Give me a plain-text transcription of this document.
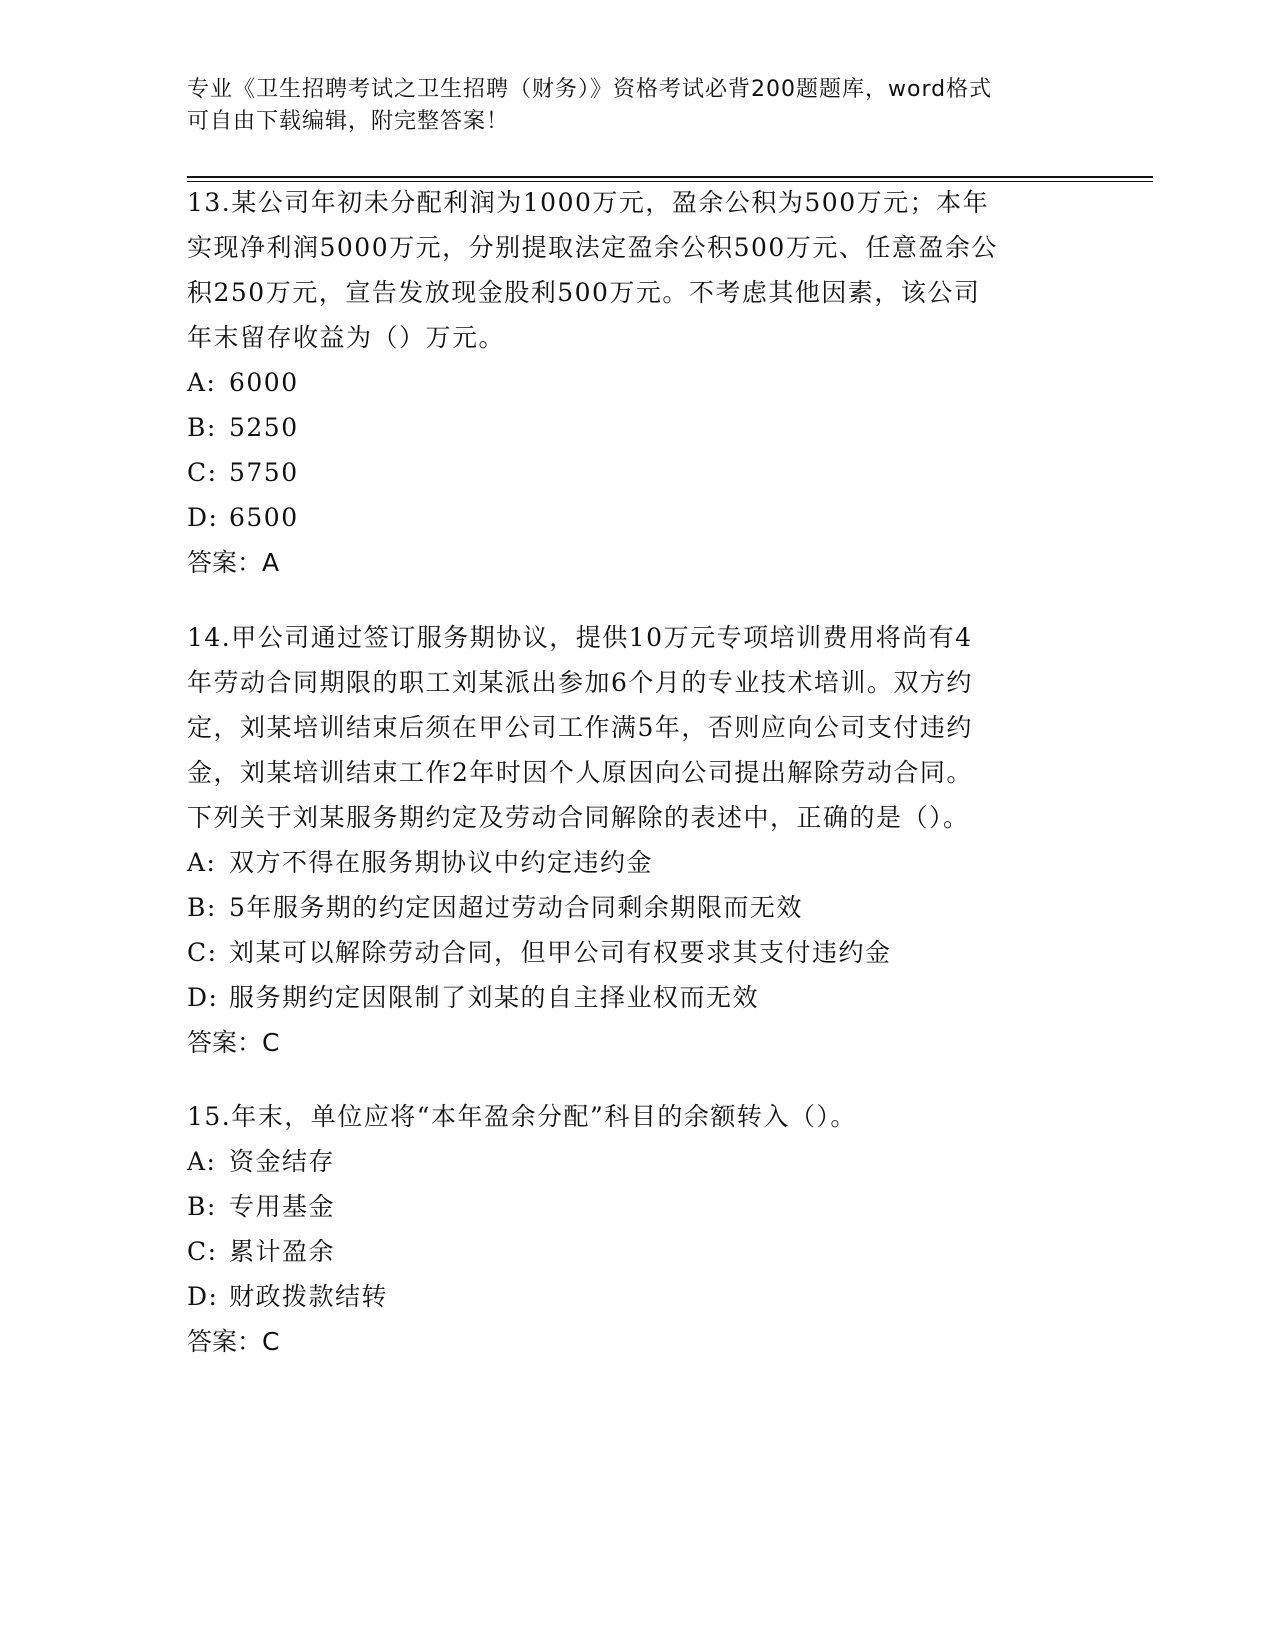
专业《卫生招聘考试之卫生招聘（财务）》资格考试必背200题题库，word格式
可自由下载编辑，附完整答案！
13.某公司年初未分配利润为1000万元，盈余公积为500万元；本年
实现净利润5000万元，分别提取法定盈余公积500万元、任意盈余公
积250万元，宣告发放现金股利500万元。不考虑其他因素，该公司
年末留存收益为（）万元。
A: 6000
B: 5250
C: 5750
D: 6500
答案：A
14.甲公司通过签订服务期协议，提供10万元专项培训费用将尚有4
年劳动合同期限的职工刘某派出参加6个月的专业技术培训。双方约
定，刘某培训结束后须在甲公司工作满5年，否则应向公司支付违约
金，刘某培训结束工作2年时因个人原因向公司提出解除劳动合同。
下列关于刘某服务期约定及劳动合同解除的表述中，正确的是（）。
A: 双方不得在服务期协议中约定违约金
B: 5年服务期的约定因超过劳动合同剩余期限而无效
C: 刘某可以解除劳动合同，但甲公司有权要求其支付违约金
D: 服务期约定因限制了刘某的自主择业权而无效
答案：C
15.年末，单位应将“本年盈余分配”科目的余额转入（）。
A: 资金结存
B: 专用基金
C: 累计盈余
D: 财政拨款结转
答案：C
